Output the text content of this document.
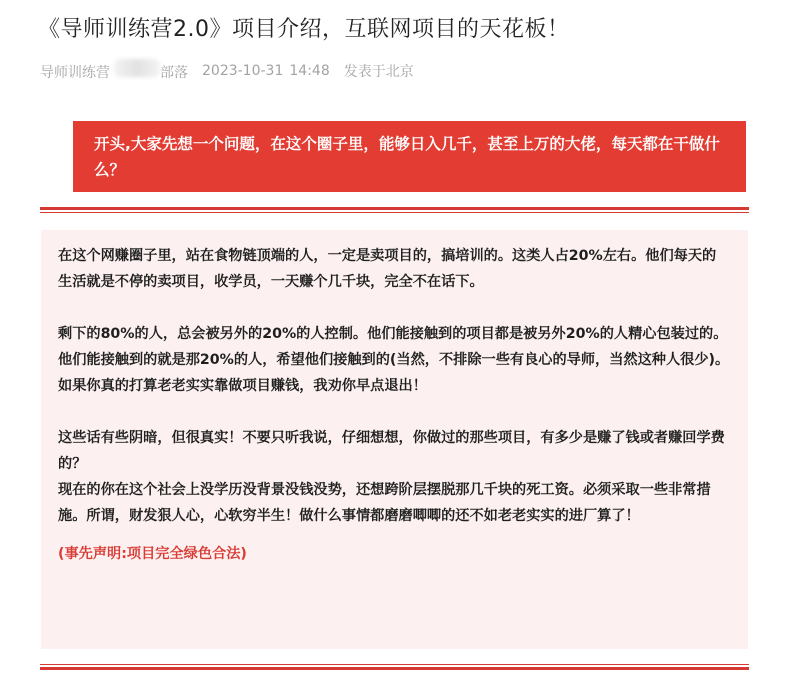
《导师训练营2.0》项目介绍，互联网项目的天花板！
导师训练营	部落 2023-10-31 14:48 发表于北京
开头,大家先想一个问题，在这个圈子里，能够日入几千，甚至上万的大佬，每天都在干做什么？

在这个网赚圈子里，站在食物链顶端的人，一定是卖项目的，搞培训的。这类人占20%左右。他们每天的生活就是不停的卖项目，收学员，一天赚个几千块，完全不在话下。

剩下的80%的人，总会被另外的20%的人控制。他们能接触到的项目都是被另外20%的人精心包装过的。他们能接触到的就是那20%的人，希望他们接触到的(当然，不排除一些有良心的导师，当然这种人很少)。如果你真的打算老老实实靠做项目赚钱，我劝你早点退出！

这些话有些阴暗，但很真实！不要只听我说，仔细想想，你做过的那些项目，有多少是赚了钱或者赚回学费的？

现在的你在这个社会上没学历没背景没钱没势，还想跨阶层摆脱那几千块的死工资。必须采取一些非常措施。所谓，财发狠人心，心软穷半生！做什么事情都磨磨唧唧的还不如老老实实的进厂算了！

(事先声明:项目完全绿色合法)
